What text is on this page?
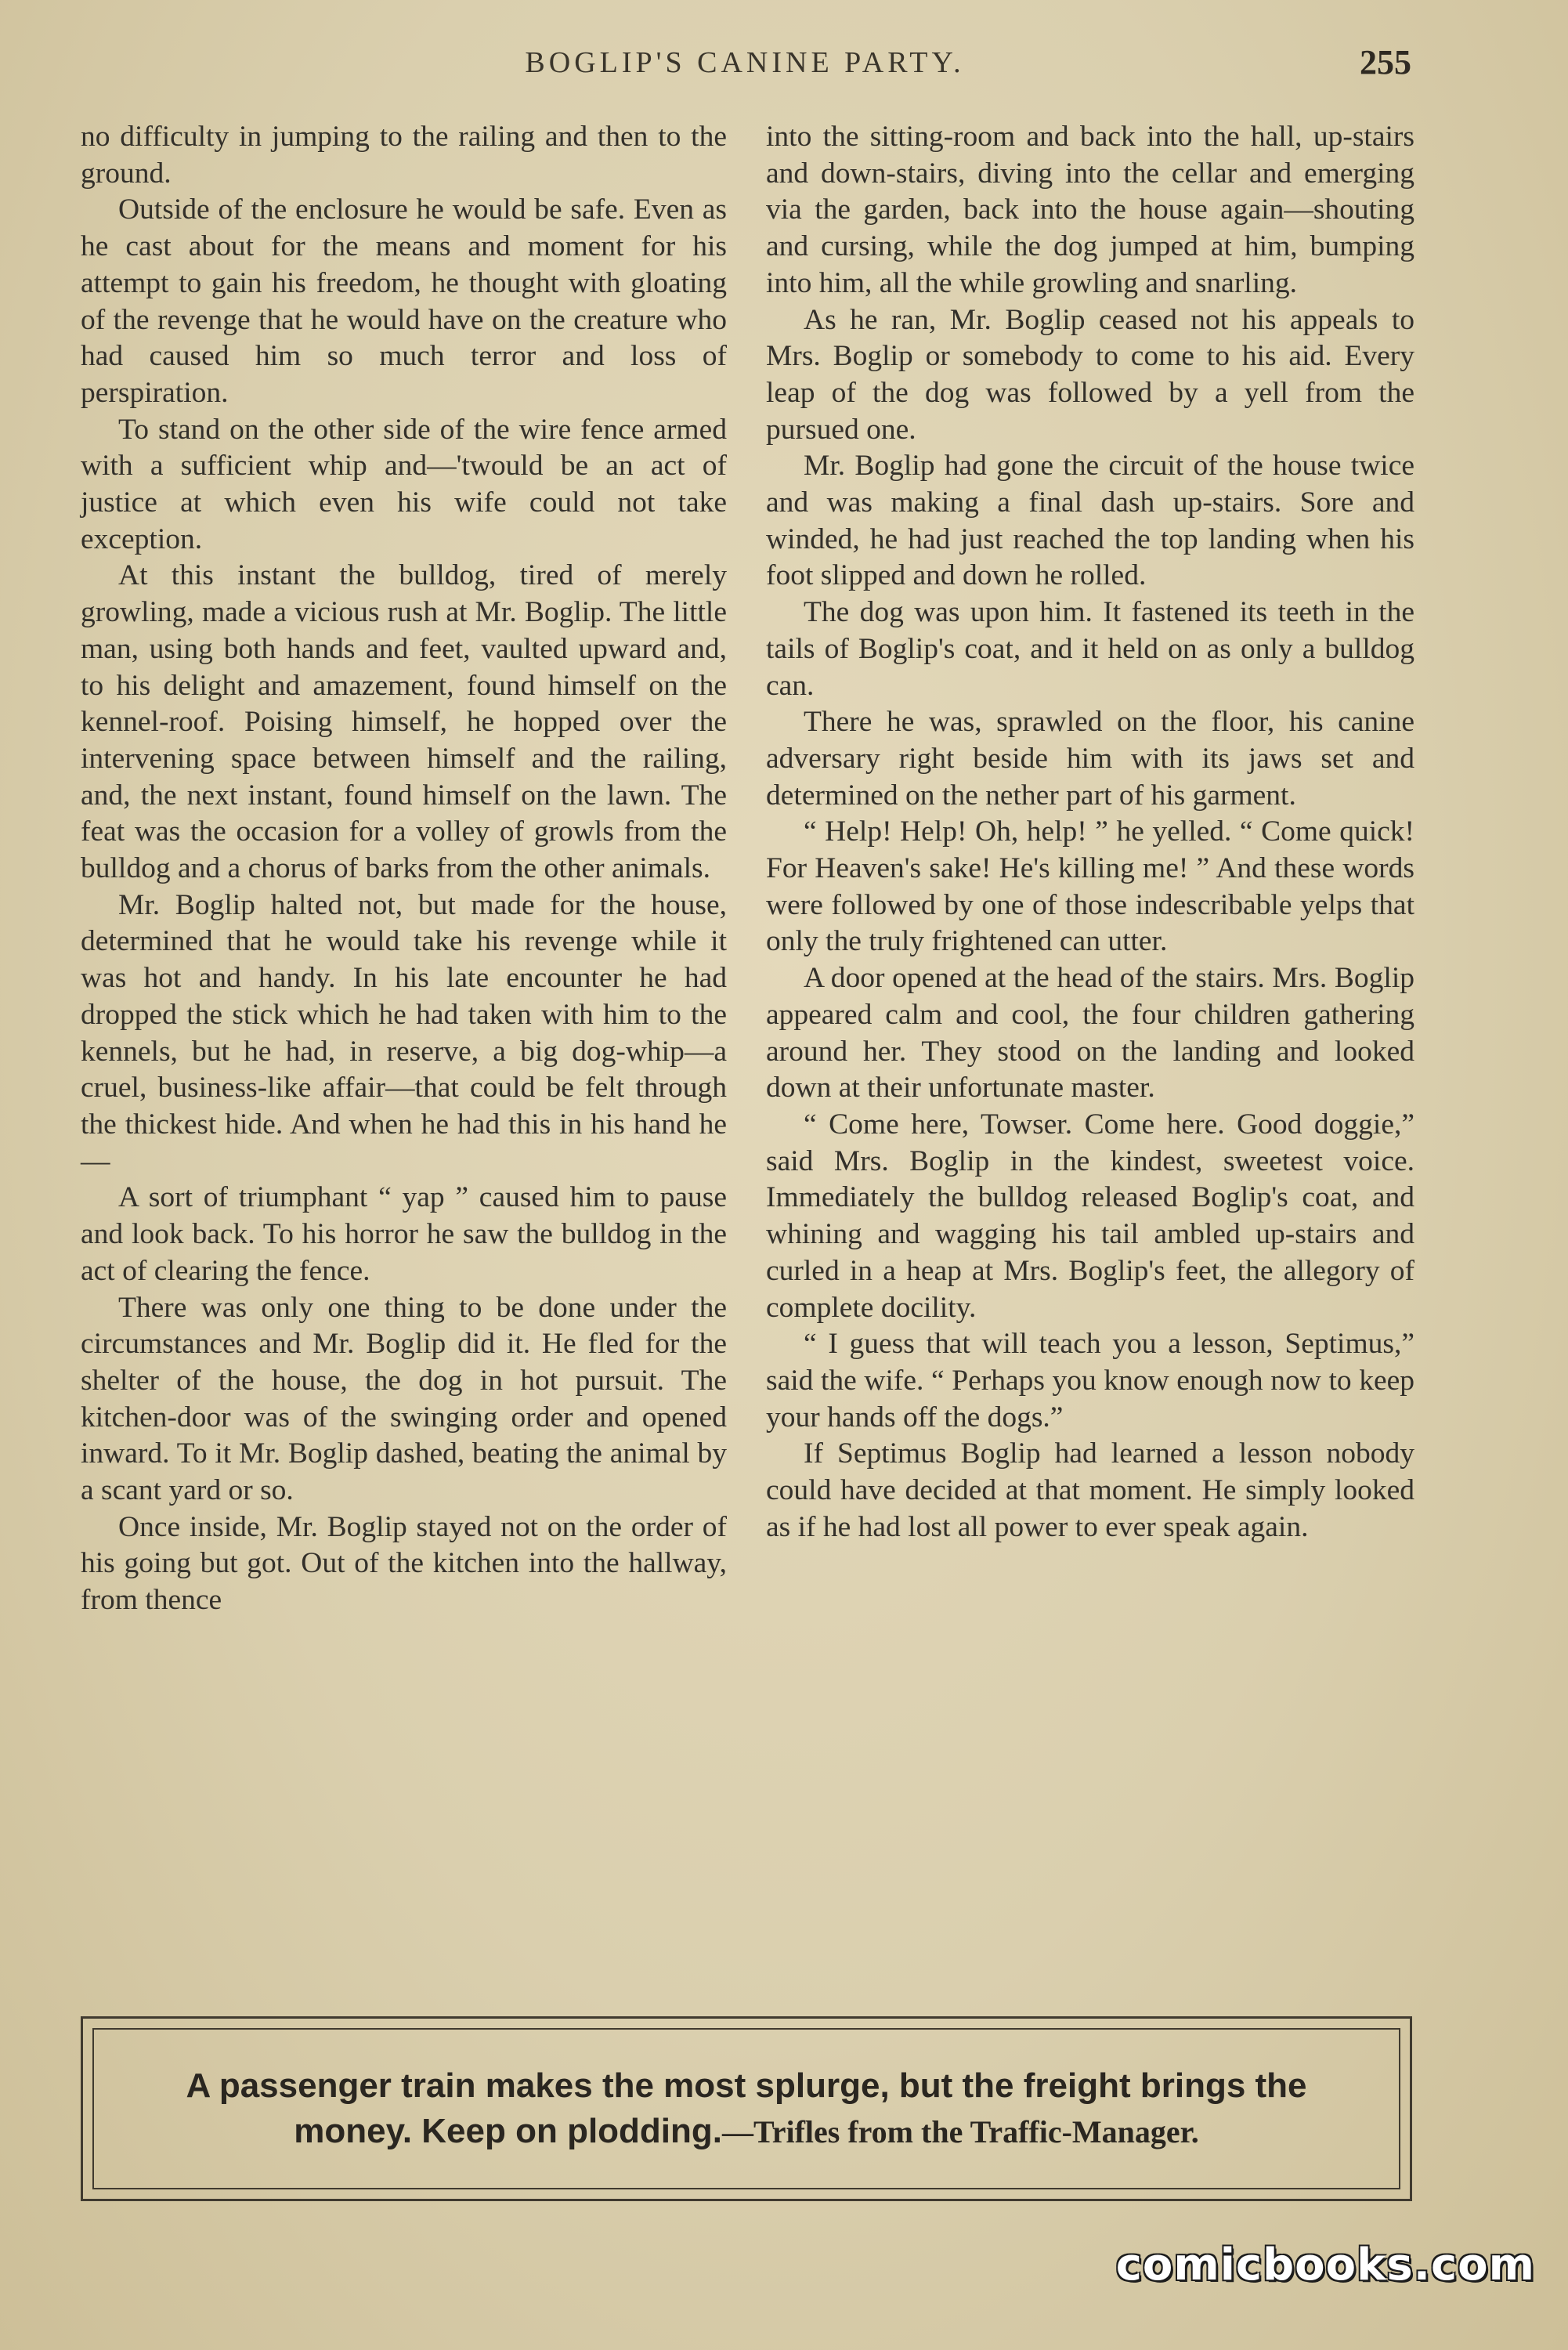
BOGLIP'S CANINE PARTY.	255

no difficulty in jumping to the railing and then to the ground.

Outside of the enclosure he would be safe. Even as he cast about for the means and moment for his attempt to gain his freedom, he thought with gloating of the revenge that he would have on the creature who had caused him so much terror and loss of perspiration.

To stand on the other side of the wire fence armed with a sufficient whip and—'twould be an act of justice at which even his wife could not take exception.

At this instant the bulldog, tired of merely growling, made a vicious rush at Mr. Boglip. The little man, using both hands and feet, vaulted upward and, to his delight and amazement, found himself on the kennel-roof. Poising himself, he hopped over the intervening space between himself and the railing, and, the next instant, found himself on the lawn. The feat was the occasion for a volley of growls from the bulldog and a chorus of barks from the other animals.

Mr. Boglip halted not, but made for the house, determined that he would take his revenge while it was hot and handy. In his late encounter he had dropped the stick which he had taken with him to the kennels, but he had, in reserve, a big dog-whip—a cruel, business-like affair—that could be felt through the thickest hide. And when he had this in his hand he—

A sort of triumphant “ yap ” caused him to pause and look back. To his horror he saw the bulldog in the act of clearing the fence.

There was only one thing to be done under the circumstances and Mr. Boglip did it. He fled for the shelter of the house, the dog in hot pursuit. The kitchen-door was of the swinging order and opened inward. To it Mr. Boglip dashed, beating the animal by a scant yard or so.

Once inside, Mr. Boglip stayed not on the order of his going but got. Out of the kitchen into the hallway, from thence

into the sitting-room and back into the hall, up-stairs and down-stairs, diving into the cellar and emerging via the garden, back into the house again—shouting and cursing, while the dog jumped at him, bumping into him, all the while growling and snarling.

As he ran, Mr. Boglip ceased not his appeals to Mrs. Boglip or somebody to come to his aid. Every leap of the dog was followed by a yell from the pursued one.

Mr. Boglip had gone the circuit of the house twice and was making a final dash up-stairs. Sore and winded, he had just reached the top landing when his foot slipped and down he rolled.

The dog was upon him. It fastened its teeth in the tails of Boglip's coat, and it held on as only a bulldog can.

There he was, sprawled on the floor, his canine adversary right beside him with its jaws set and determined on the nether part of his garment.

“ Help! Help! Oh, help! ” he yelled. “ Come quick! For Heaven's sake! He's killing me! ” And these words were followed by one of those indescribable yelps that only the truly frightened can utter.

A door opened at the head of the stairs. Mrs. Boglip appeared calm and cool, the four children gathering around her. They stood on the landing and looked down at their unfortunate master.

“ Come here, Towser. Come here. Good doggie,” said Mrs. Boglip in the kindest, sweetest voice. Immediately the bulldog released Boglip's coat, and whining and wagging his tail ambled up-stairs and curled in a heap at Mrs. Boglip's feet, the allegory of complete docility.

“ I guess that will teach you a lesson, Septimus,” said the wife. “ Perhaps you know enough now to keep your hands off the dogs.”

If Septimus Boglip had learned a lesson nobody could have decided at that moment. He simply looked as if he had lost all power to ever speak again.

A passenger train makes the most splurge, but the freight brings the money. Keep on plodding.—Trifles from the Traffic-Manager.
comicbooks.com
